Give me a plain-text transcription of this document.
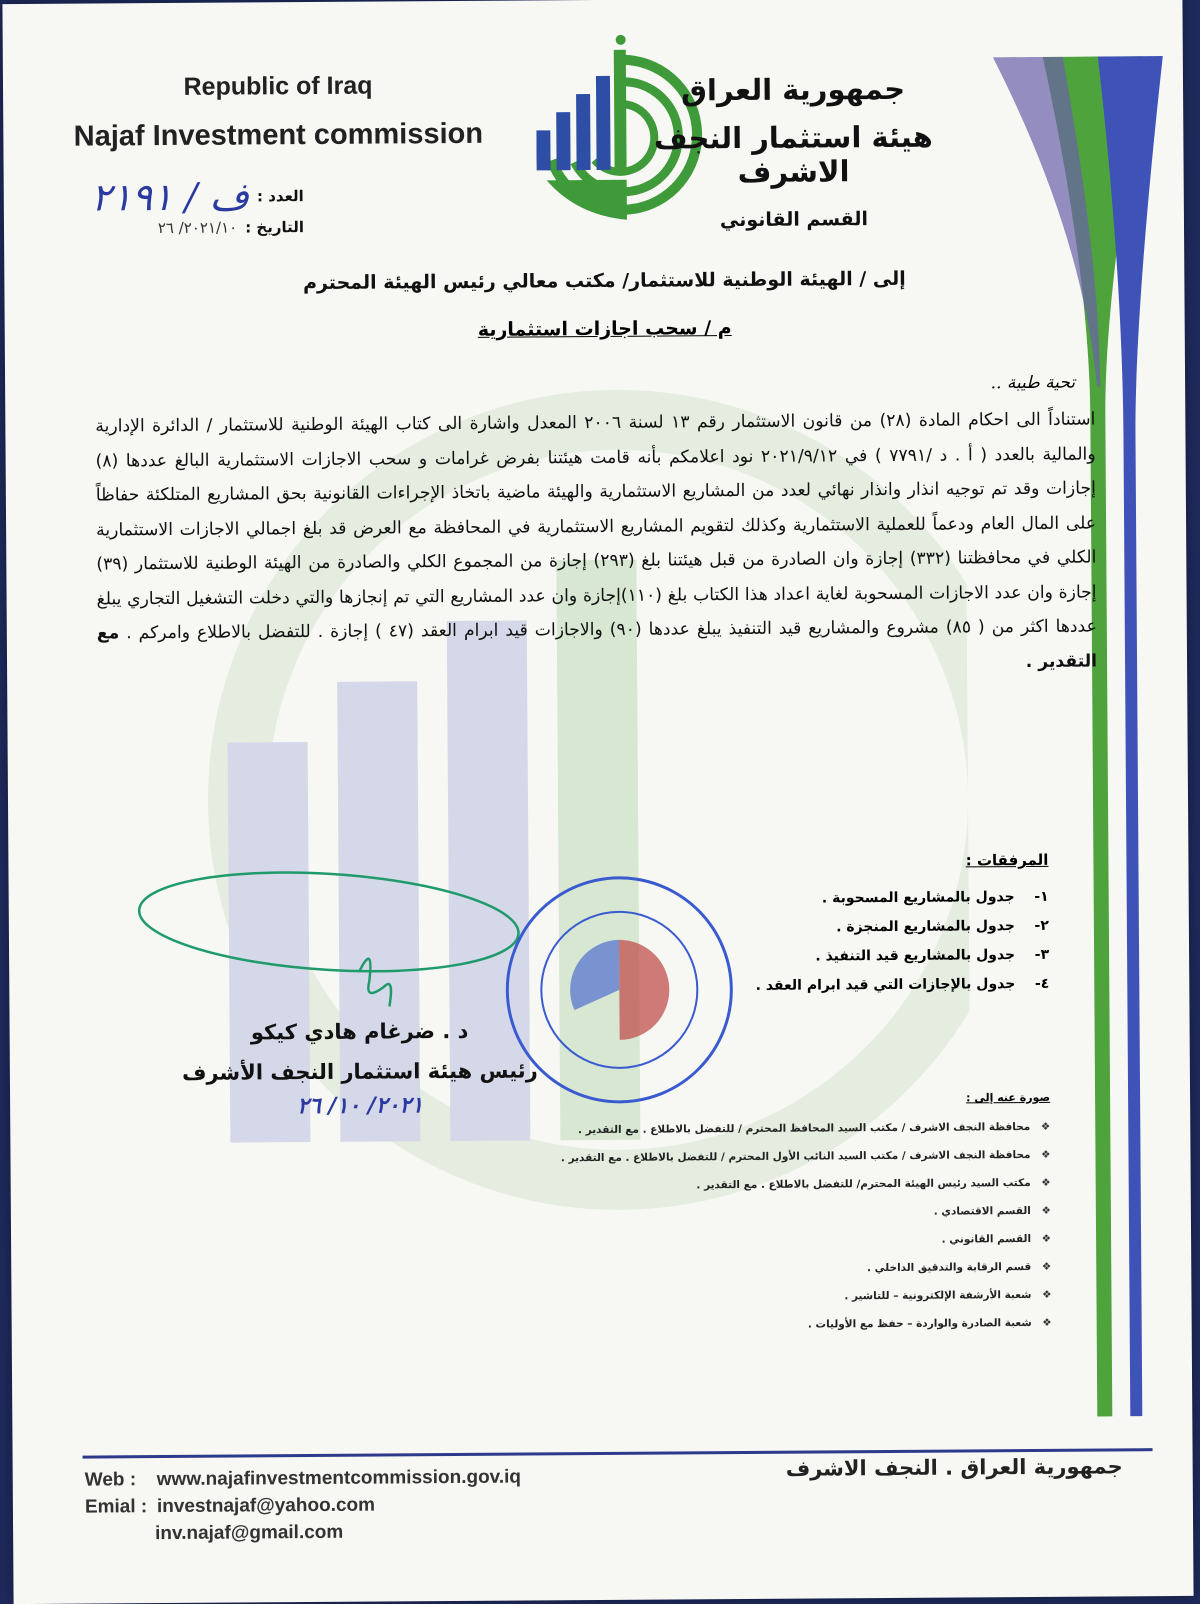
Republic of Iraq
Najaf Investment commission
جمهورية العراق
هيئة استثمار النجف الاشرف
القسم القانوني
العدد :
ف / ٢١٩١
التاريخ :
٢٠٢١/١٠/ ٢٦
إلى / الهيئة الوطنية للاستثمار/ مكتب معالي رئيس الهيئة المحترم
م / سحب اجازات استثمارية
تحية طيبة ..

استناداً الى احكام المادة (٢٨) من قانون الاستثمار رقم ١٣ لسنة ٢٠٠٦ المعدل واشارة الى كتاب الهيئة الوطنية للاستثمار / الدائرة الإدارية والمالية بالعدد ( أ . د /٧٧٩١ ) في ٢٠٢١/٩/١٢ نود اعلامكم بأنه قامت هيئتنا بفرض غرامات و سحب الاجازات الاستثمارية البالغ عددها (٨) إجازات وقد تم توجيه انذار وانذار نهائي لعدد من المشاريع الاستثمارية والهيئة ماضية باتخاذ الإجراءات القانونية بحق المشاريع المتلكئة حفاظاً على المال العام ودعماً للعملية الاستثمارية وكذلك لتقويم المشاريع الاستثمارية في المحافظة مع العرض قد بلغ اجمالي الاجازات الاستثمارية الكلي في محافظتنا (٣٣٢) إجازة وان الصادرة من قبل هيئتنا بلغ (٢٩٣) إجازة من المجموع الكلي والصادرة من الهيئة الوطنية للاستثمار (٣٩) إجازة وان عدد الاجازات المسحوبة لغاية اعداد هذا الكتاب بلغ (١١٠)إجازة وان عدد المشاريع التي تم إنجازها والتي دخلت التشغيل التجاري يبلغ عددها اكثر من ( ٨٥) مشروع والمشاريع قيد التنفيذ يبلغ عددها (٩٠) والاجازات قيد ابرام العقد (٤٧ ) إجازة . للتفضل بالاطلاع وامركم . مع التقدير .

المرفقات :
١-جدول بالمشاريع المسحوبة .
٢-جدول بالمشاريع المنجزة .
٣-جدول بالمشاريع قيد التنفيذ .
٤-جدول بالإجازات التي قيد ابرام العقد .
د . ضرغام هادي كيكو
رئيس هيئة استثمار النجف الأشرف
٢٠٢١/ ١٠/ ٢٦	صورة عنه إلى :
❖محافظة النجف الاشرف / مكتب السيد المحافظ المحترم / للتفضل بالاطلاع . مع التقدير .
❖محافظة النجف الاشرف / مكتب السيد النائب الأول المحترم / للتفضل بالاطلاع . مع التقدير .
❖مكتب السيد رئيس الهيئة المحترم/ للتفضل بالاطلاع . مع التقدير .
❖القسم الاقتصادي .
❖القسم القانوني .
❖قسم الرقابة والتدقيق الداخلي .
❖شعبة الأرشفة الإلكترونية – للتاشير .
❖شعبة الصادرة والواردة – حفظ مع الأوليات .
Web : www.najafinvestmentcommission.gov.iq
Emial : investnajaf@yahoo.com
inv.najaf@gmail.com
جمهورية العراق . النجف الاشرف
